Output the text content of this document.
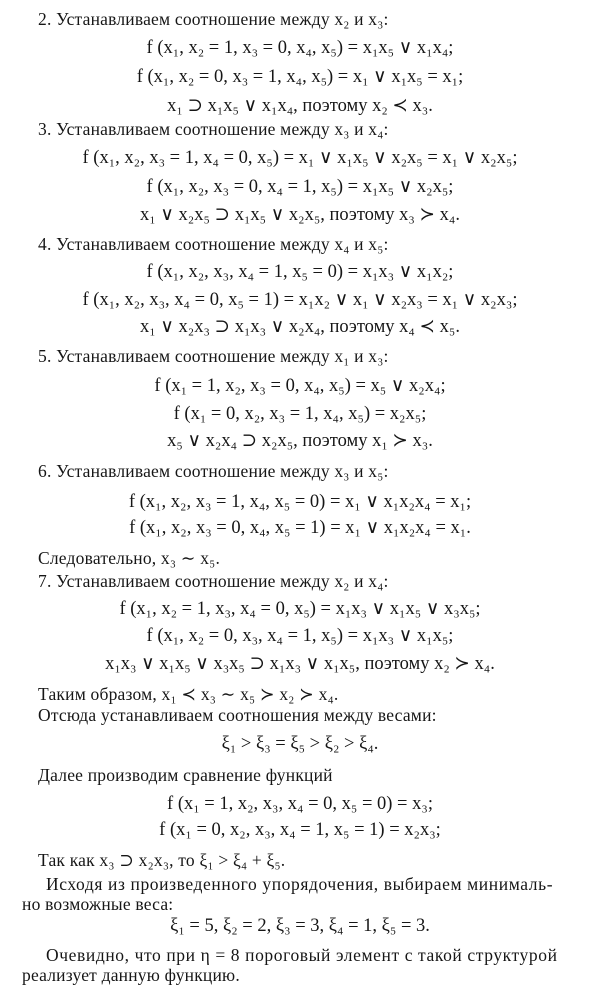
2. Устанавливаем соотношение между x₂ и x₃:
f (x₁, x₂ = 1, x₃ = 0, x₄, x₅) = x₁x₅ ∨ x₁x₄;
f (x₁, x₂ = 0, x₃ = 1, x₄, x₅) = x₁ ∨ x₁x₅ = x₁;
x₁ ⊃ x₁x₅ ∨ x₁x₄, поэтому x₂ ≺ x₃.
3. Устанавливаем соотношение между x₃ и x₄:
f (x₁, x₂, x₃ = 1, x₄ = 0, x₅) = x₁ ∨ x₁x₅ ∨ x₂x₅ = x₁ ∨ x₂x₅;
f (x₁, x₂, x₃ = 0, x₄ = 1, x₅) = x₁x₅ ∨ x₂x₅;
x₁ ∨ x₂x₅ ⊃ x₁x₅ ∨ x₂x₅, поэтому x₃ ≻ x₄.
4. Устанавливаем соотношение между x₄ и x₅:
f (x₁, x₂, x₃, x₄ = 1, x₅ = 0) = x₁x₃ ∨ x₁x₂;
f (x₁, x₂, x₃, x₄ = 0, x₅ = 1) = x₁x₂ ∨ x₁ ∨ x₂x₃ = x₁ ∨ x₂x₃;
x₁ ∨ x₂x₃ ⊃ x₁x₃ ∨ x₂x₄, поэтому x₄ ≺ x₅.
5. Устанавливаем соотношение между x₁ и x₃:
f (x₁ = 1, x₂, x₃ = 0, x₄, x₅) = x₅ ∨ x₂x₄;
f (x₁ = 0, x₂, x₃ = 1, x₄, x₅) = x₂x₅;
x₅ ∨ x₂x₄ ⊃ x₂x₅, поэтому x₁ ≻ x₃.
6. Устанавливаем соотношение между x₃ и x₅:
f (x₁, x₂, x₃ = 1, x₄, x₅ = 0) = x₁ ∨ x₁x₂x₄ = x₁;
f (x₁, x₂, x₃ = 0, x₄, x₅ = 1) = x₁ ∨ x₁x₂x₄ = x₁.
Следовательно, x₃ ∼ x₅.
7. Устанавливаем соотношение между x₂ и x₄:
f (x₁, x₂ = 1, x₃, x₄ = 0, x₅) = x₁x₃ ∨ x₁x₅ ∨ x₃x₅;
f (x₁, x₂ = 0, x₃, x₄ = 1, x₅) = x₁x₃ ∨ x₁x₅;
x₁x₃ ∨ x₁x₅ ∨ x₃x₅ ⊃ x₁x₃ ∨ x₁x₅, поэтому x₂ ≻ x₄.
Таким образом, x₁ ≺ x₃ ∼ x₅ ≻ x₂ ≻ x₄.
Отсюда устанавливаем соотношения между весами:
ξ₁ > ξ₃ = ξ₅ > ξ₂ > ξ₄.
Далее производим сравнение функций
f (x₁ = 1, x₂, x₃, x₄ = 0, x₅ = 0) = x₃;
f (x₁ = 0, x₂, x₃, x₄ = 1, x₅ = 1) = x₂x₃;
Так как x₃ ⊃ x₂x₃, то ξ₁ > ξ₄ + ξ₅.
Исходя из произведенного упорядочения, выбираем минималь-
но возможные веса:
ξ₁ = 5, ξ₂ = 2, ξ₃ = 3, ξ₄ = 1, ξ₅ = 3.
Очевидно, что при η = 8 пороговый элемент с такой структурой
реализует данную функцию.
